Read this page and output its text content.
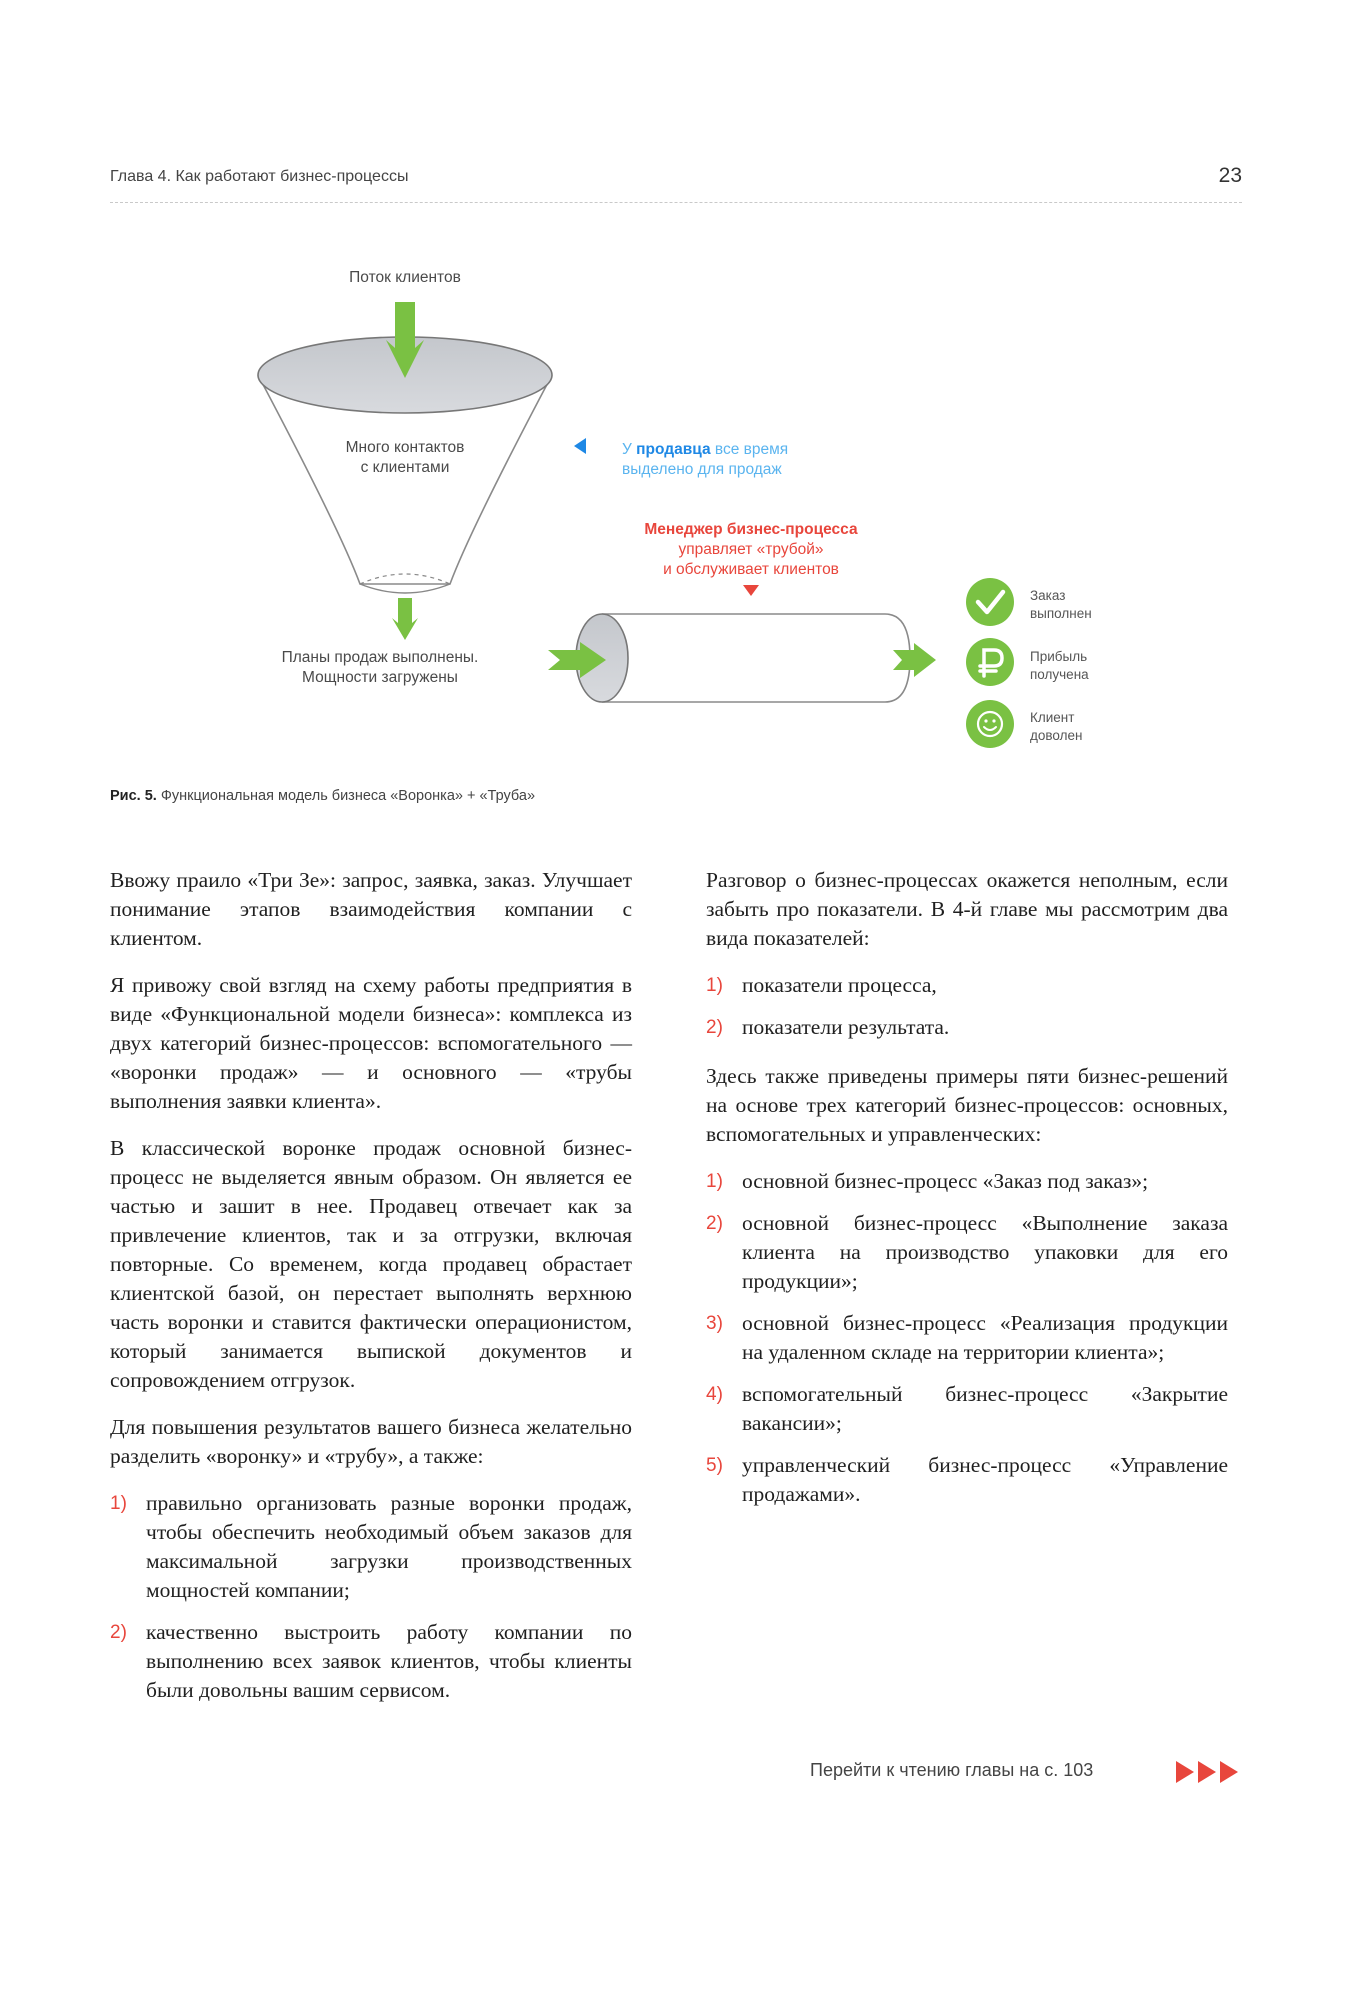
Глава 4. Как работают бизнес-процессы	23
Поток клиентов
Много контактов
с клиентами
Планы продаж выполнены.
Мощности загружены
У продавца все время
выделено для продаж
Менеджер бизнес-процесса
управляет «трубой»
и обслуживает клиентов
Заказ
выполнен
Прибыль
получена
Клиент
доволен
Рис. 5. Функциональная модель бизнеса «Воронка» + «Труба»

Ввожу праило «Три Зе»: запрос, заявка, заказ. Улучшает понимание этапов взаимодействия компании с клиентом.

Я привожу свой взгляд на схему работы предприятия в виде «Функциональной модели бизнеса»: комплекса из двух категорий бизнес-процессов: вспомогательного — «воронки продаж» — и основного — «трубы выполнения заявки клиента».

В классической воронке продаж основной бизнес-процесс не выделяется явным образом. Он является ее частью и зашит в нее. Продавец отвечает как за привлечение клиентов, так и за отгрузки, включая повторные. Со временем, когда продавец обрастает клиентской базой, он перестает выполнять верхнюю часть воронки и ставится фактически операционистом, который занимается выпиской документов и сопровождением отгрузок.

Для повышения результатов вашего бизнеса желательно разделить «воронку» и «трубу», а также:

1) правильно организовать разные воронки продаж, чтобы обеспечить необходимый объем заказов для максимальной загрузки производственных мощностей компании;
2) качественно выстроить работу компании по выполнению всех заявок клиентов, чтобы клиенты были довольны вашим сервисом.

Разговор о бизнес-процессах окажется неполным, если забыть про показатели. В 4-й главе мы рассмотрим два вида показателей:

1) показатели процесса,
2) показатели результата.

Здесь также приведены примеры пяти бизнес-решений на основе трех категорий бизнес-процессов: основных, вспомогательных и управленческих:

1) основной бизнес-процесс «Заказ под заказ»;
2) основной бизнес-процесс «Выполнение заказа клиента на производство упаковки для его продукции»;
3) основной бизнес-процесс «Реализация продукции на удаленном складе на территории клиента»;
4) вспомогательный бизнес-процесс «Закрытие вакансии»;
5) управленческий бизнес-процесс «Управление продажами».
Перейти к чтению главы на с. 103
